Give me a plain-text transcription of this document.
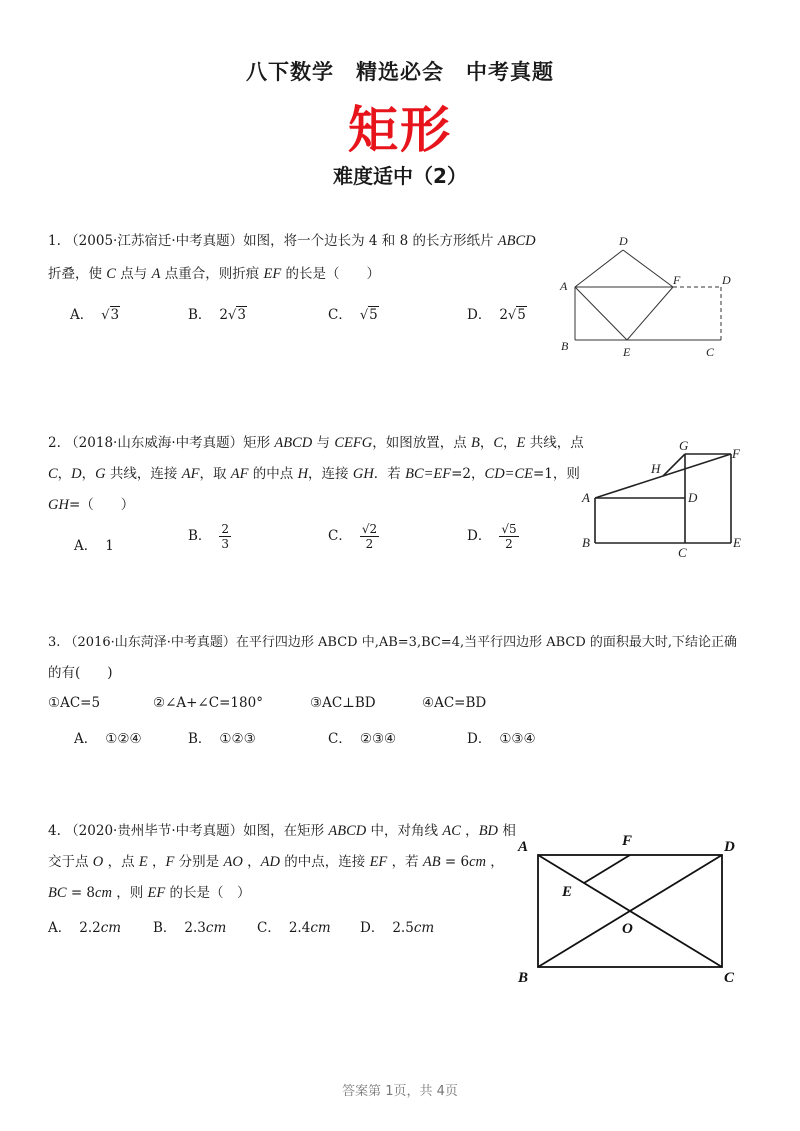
八下数学　精选必会　中考真题
矩形
难度适中（2）
1. （2005·江苏宿迁·中考真题）如图，将一个边长为 4 和 8 的长方形纸片 ABCD
折叠，使 C 点与 A 点重合，则折痕 EF 的长是（　　）
A． √3	B． 2√3	C． √5	D． 2√5
A
D
F	D
B	E	C
2. （2018·山东威海·中考真题）矩形 ABCD 与 CEFG，如图放置，点 B，C，E 共线，点
C，D，G 共线，连接 AF，取 AF 的中点 H，连接 GH．若 BC=EF=2，CD=CE=1，则
GH=（　　）
A． 1
B． $\frac{2}{3}$	C． $\frac{√2}{2}$	D． $\frac{√5}{2}$
A	D
B
C
E
G
F
H
3. （2016·山东菏泽·中考真题）在平行四边形 ABCD 中,AB=3,BC=4,当平行四边形 ABCD 的面积最大时,下结论正确
的有(　　)
①AC=5	②∠A+∠C=180°	③AC⊥BD	④AC=BD
A． ①②④	B． ①②③	C． ②③④	D． ①③④
4. （2020·贵州毕节·中考真题）如图，在矩形 ABCD 中，对角线 AC ，BD 相
交于点 O ，点 E ，F 分别是 AO ，AD 的中点，连接 EF ，若 AB = 6cm ，
BC = 8cm ，则 EF 的长是（　）
A． 2.2cm B． 2.3cm C． 2.4cm D． 2.5cm
A	D
B	C
F
E
O
答案第 1页，共 4页
